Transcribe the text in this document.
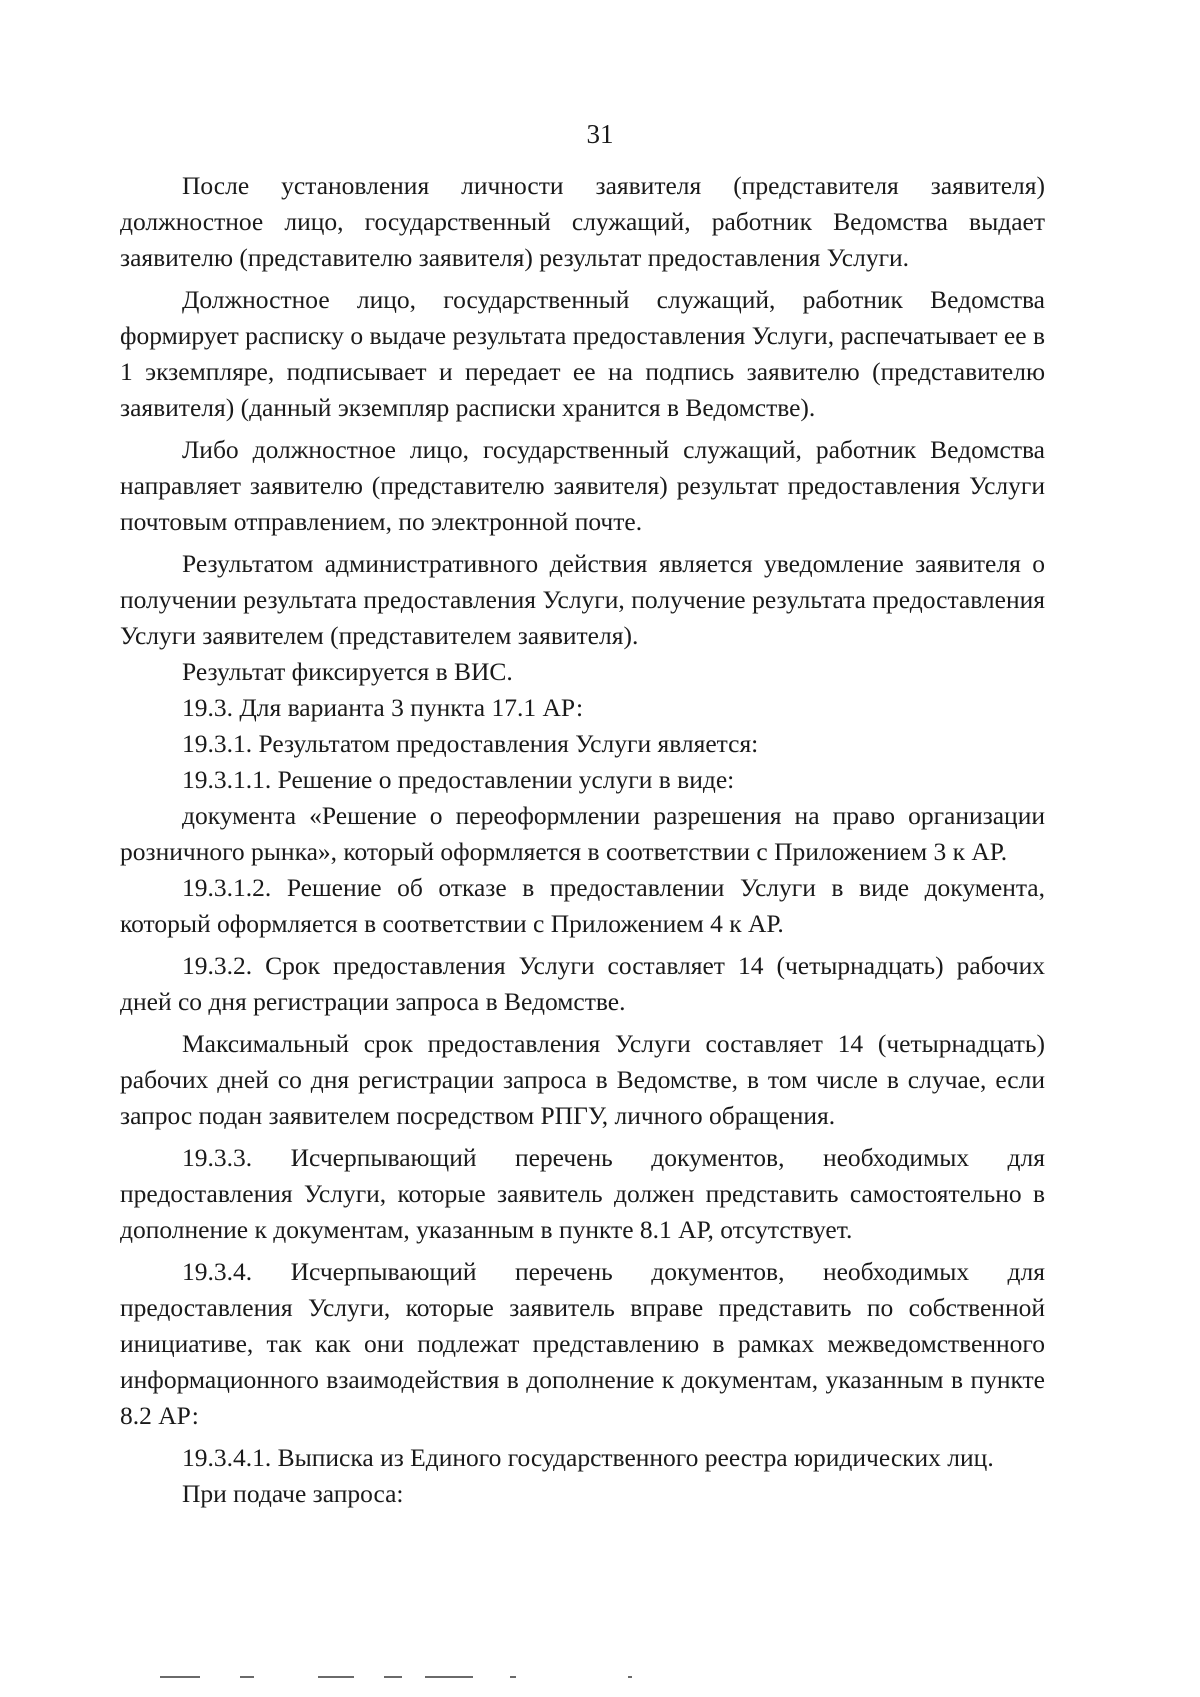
31

После установления личности заявителя (представителя заявителя) должностное лицо, государственный служащий, работник Ведомства выдает заявителю (представителю заявителя) результат предоставления Услуги.

Должностное лицо, государственный служащий, работник Ведомства формирует расписку о выдаче результата предоставления Услуги, распечатывает ее в 1 экземпляре, подписывает и передает ее на подпись заявителю (представителю заявителя) (данный экземпляр расписки хранится в Ведомстве).

Либо должностное лицо, государственный служащий, работник Ведомства направляет заявителю (представителю заявителя) результат предоставления Услуги почтовым отправлением, по электронной почте.

Результатом административного действия является уведомление заявителя о получении результата предоставления Услуги, получение результата предоставления Услуги заявителем (представителем заявителя).

Результат фиксируется в ВИС.

19.3. Для варианта 3 пункта 17.1 АР:

19.3.1. Результатом предоставления Услуги является:

19.3.1.1. Решение о предоставлении услуги в виде:

документа «Решение о переоформлении разрешения на право организации розничного рынка», который оформляется в соответствии с Приложением 3 к АР.

19.3.1.2. Решение об отказе в предоставлении Услуги в виде документа, который оформляется в соответствии с Приложением 4 к АР.

19.3.2. Срок предоставления Услуги составляет 14 (четырнадцать) рабочих дней со дня регистрации запроса в Ведомстве.

Максимальный срок предоставления Услуги составляет 14 (четырнадцать) рабочих дней со дня регистрации запроса в Ведомстве, в том числе в случае, если запрос подан заявителем посредством РПГУ, личного обращения.

19.3.3. Исчерпывающий перечень документов, необходимых для предоставления Услуги, которые заявитель должен представить самостоятельно в дополнение к документам, указанным в пункте 8.1 АР, отсутствует.

19.3.4. Исчерпывающий перечень документов, необходимых для предоставления Услуги, которые заявитель вправе представить по собственной инициативе, так как они подлежат представлению в рамках межведомственного информационного взаимодействия в дополнение к документам, указанным в пункте 8.2 АР:

19.3.4.1. Выписка из Единого государственного реестра юридических лиц.

При подаче запроса:
